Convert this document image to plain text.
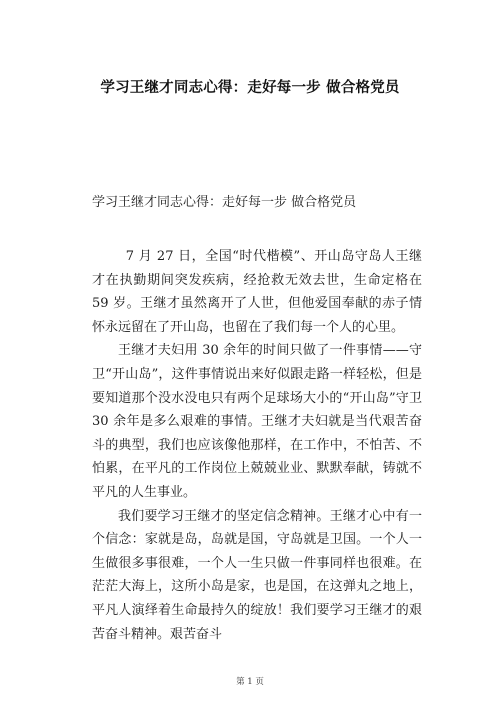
学习王继才同志心得：走好每一步 做合格党员
学习王继才同志心得：走好每一步 做合格党员

7 月 27 日，全国“时代楷模”、开山岛守岛人王继才在执勤期间突发疾病，经抢救无效去世，生命定格在 59 岁。王继才虽然离开了人世，但他爱国奉献的赤子情怀永远留在了开山岛，也留在了我们每一个人的心里。

王继才夫妇用 30 余年的时间只做了一件事情——守卫“开山岛”，这件事情说出来好似跟走路一样轻松，但是要知道那个没水没电只有两个足球场大小的“开山岛”守卫 30 余年是多么艰难的事情。王继才夫妇就是当代艰苦奋斗的典型，我们也应该像他那样，在工作中，不怕苦、不怕累，在平凡的工作岗位上兢兢业业、默默奉献，铸就不平凡的人生事业。

我们要学习王继才的坚定信念精神。王继才心中有一个信念：家就是岛，岛就是国，守岛就是卫国。一个人一生做很多事很难，一个人一生只做一件事同样也很难。在茫茫大海上，这所小岛是家，也是国，在这弹丸之地上，平凡人演绎着生命最持久的绽放！我们要学习王继才的艰苦奋斗精神。艰苦奋斗

第 1 页
